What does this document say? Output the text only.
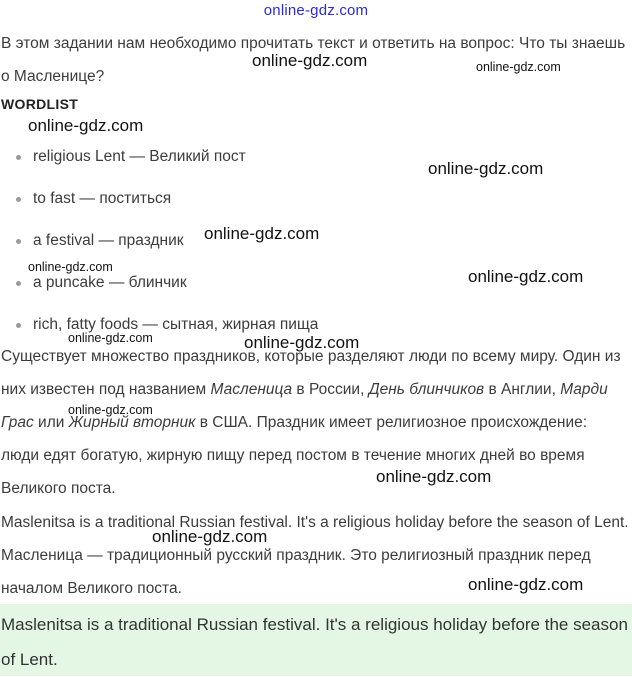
online-gdz.com

В этом задании нам необходимо прочитать текст и ответить на вопрос: Что ты знаешь о Масленице?

WORDLIST
religious Lent — Великий пост
to fast — поститься
a festival — праздник
a puncake — блинчик
rich, fatty foods — сытная, жирная пища

Существует множество праздников, которые разделяют люди по всему миру. Один из них известен под названием Масленица в России, День блинчиков в Англии, Марди Грас или Жирный вторник в США. Праздник имеет религиозное происхождение: люди едят богатую, жирную пищу перед постом в течение многих дней во время Великого поста.

Maslenitsa is a traditional Russian festival. It's a religious holiday before the season of Lent. Масленица — традиционный русский праздник. Это религиозный праздник перед началом Великого поста.

Maslenitsa is a traditional Russian festival. It's a religious holiday before the season of Lent.

online-gdz.com	online-gdz.com
online-gdz.com
online-gdz.com
online-gdz.com
online-gdz.com	online-gdz.com
online-gdz.com	online-gdz.com
online-gdz.com
online-gdz.com
online-gdz.com
online-gdz.com
